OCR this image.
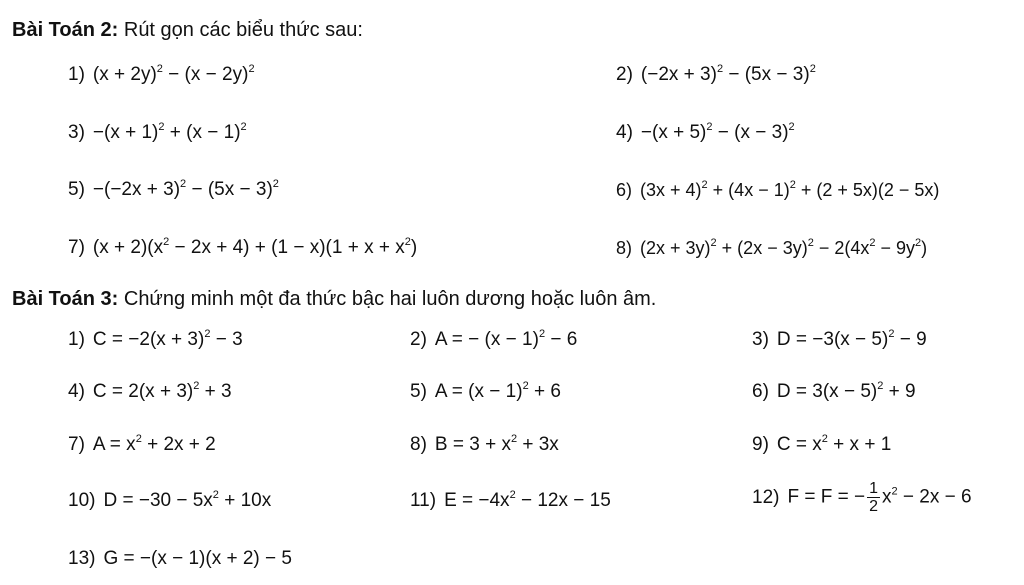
Bài Toán 2: Rút gọn các biểu thức sau:
1) $(x + 2y)^2 - (x - 2y)^2$	2) $(-2x + 3)^2 - (5x - 3)^2$
$3) -(x + 1)^2 + (x - 1)^2$	$4) -(x + 5)^2 - (x - 3)^2$
$5) -(-2x + 3)^2 - (5x - 3)^2$	6) $(3x + 4)^2 + (4x - 1)^2 + (2 + 5x)(2 - 5x)$
7) $(x + 2)(x^2 - 2x + 4) + (1 - x)(1 + x + x^2)$	8) $(2x + 3y)^2 + (2x - 3y)^2 - 2(4x^2 - 9y^2)$
Bài Toán 3: Chứng minh một đa thức bậc hai luôn dương hoặc luôn âm.
1) $C = -2(x + 3)^2 - 3$	2) A = − $(x - 1)^2 - 6$	3) $D = -3(x - 5)^2 - 9$
4) $C = 2(x + 3)^2 + 3$	5) $A = (x - 1)^2 + 6$	6) $D = 3(x - 5)^2 + 9$
7) $A = x^2 + 2x + 2$	8) $B = 3 + x^2 + 3x$	9) $C = x^2 + x + 1$
10) $D = -30 - 5x^2 + 10x$	11) $E = -4x^2 - 12x - 15$	12) F = F = − $\frac{1}{2} x^2 - 2x - 6$
13) G = −(x − 1)(x + 2) − 5
